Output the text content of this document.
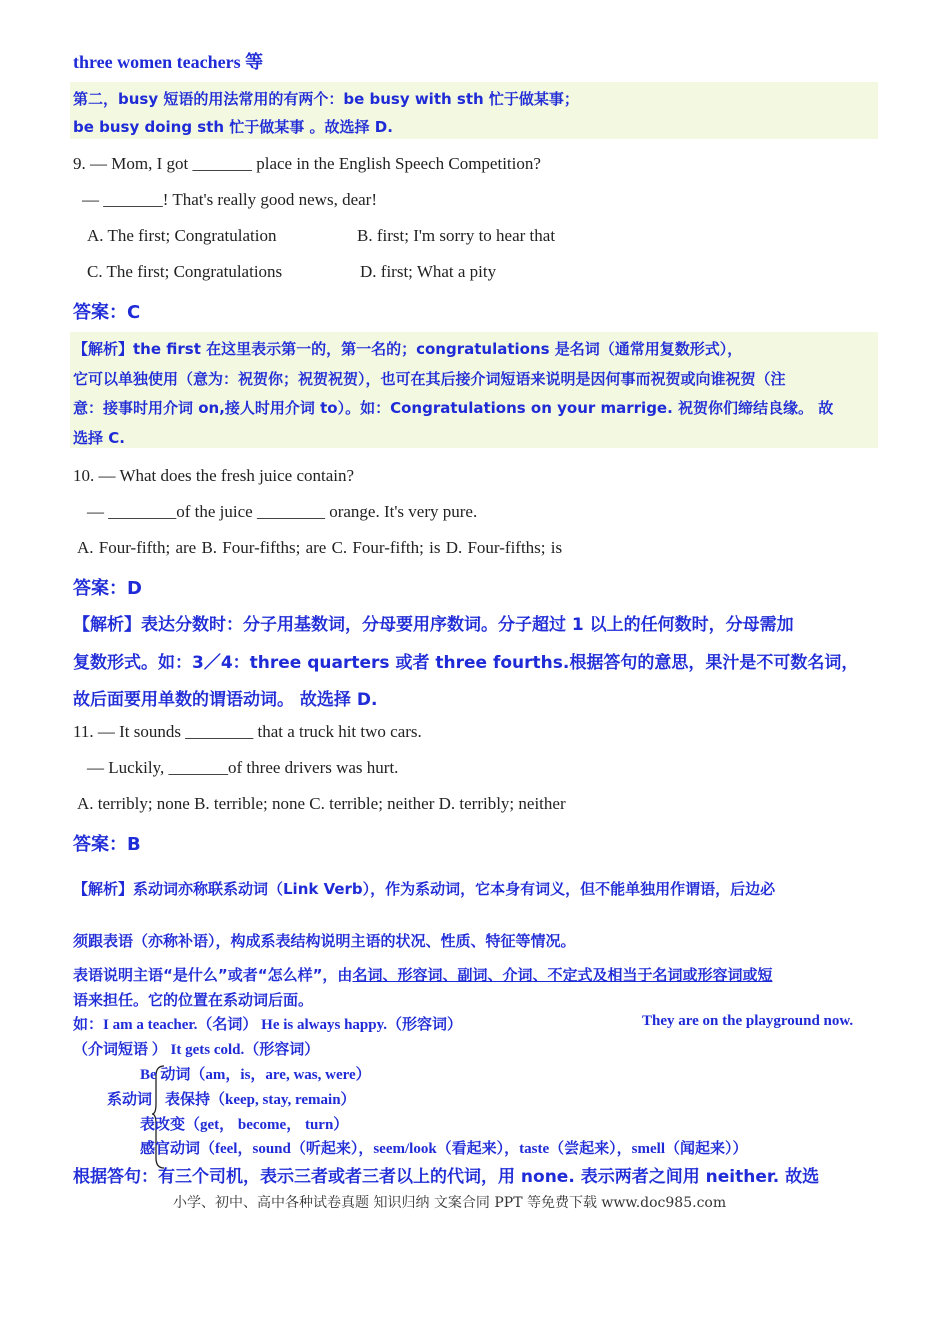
three women teachers 等
第二，busy 短语的用法常用的有两个：be busy with sth 忙于做某事；
be busy doing sth 忙于做某事 。故选择 D.
9. — Mom, I got _______ place in the English Speech Competition?
— _______! That's really good news, dear!
A. The first; Congratulation	B. first; I'm sorry to hear that
C. The first; Congratulations	D. first; What a pity
答案：C
【解析】the first 在这里表示第一的，第一名的；congratulations 是名词（通常用复数形式），
它可以单独使用（意为：祝贺你；祝贺祝贺），也可在其后接介词短语来说明是因何事而祝贺或向谁祝贺（注
意：接事时用介词 on,接人时用介词 to）。如：Congratulations on your marrige. 祝贺你们缔结良缘。 故
选择 C.
10. — What does the fresh juice contain?
— ________of the juice ________ orange. It's very pure.
A. Four-fifth; are B. Four-fifths; are C. Four-fifth; is D. Four-fifths; is
答案：D
【解析】表达分数时：分子用基数词，分母要用序数词。分子超过 1 以上的任何数时，分母需加
复数形式。如：3／4：three quarters 或者 three fourths.根据答句的意思，果汁是不可数名词，
故后面要用单数的谓语动词。 故选择 D.
11. — It sounds ________ that a truck hit two cars.
— Luckily, _______of three drivers was hurt.
A. terribly; none B. terrible; none C. terrible; neither D. terribly; neither
答案：B
【解析】系动词亦称联系动词（Link Verb），作为系动词，它本身有词义，但不能单独用作谓语，后边必
须跟表语（亦称补语），构成系表结构说明主语的状况、性质、特征等情况。
表语说明主语“是什么”或者“怎么样”，由名词、形容词、副词、介词、不定式及相当于名词或形容词或短
语来担任。它的位置在系动词后面。
如：I am a teacher.（名词） He is always happy.（形容词）	They are on the playground now.
（介词短语 ） It gets cold.（形容词）
系动词
Be 动词（am，is，are, was, were）
表保持（keep, stay, remain）
表改变（get， become， turn）
感官动词（feel，sound（听起来），seem/look（看起来），taste（尝起来），smell（闻起来））
根据答句：有三个司机，表示三者或者三者以上的代词，用 none. 表示两者之间用 neither. 故选
小学、初中、高中各种试卷真题 知识归纳 文案合同 PPT 等免费下载 www.doc985.com
